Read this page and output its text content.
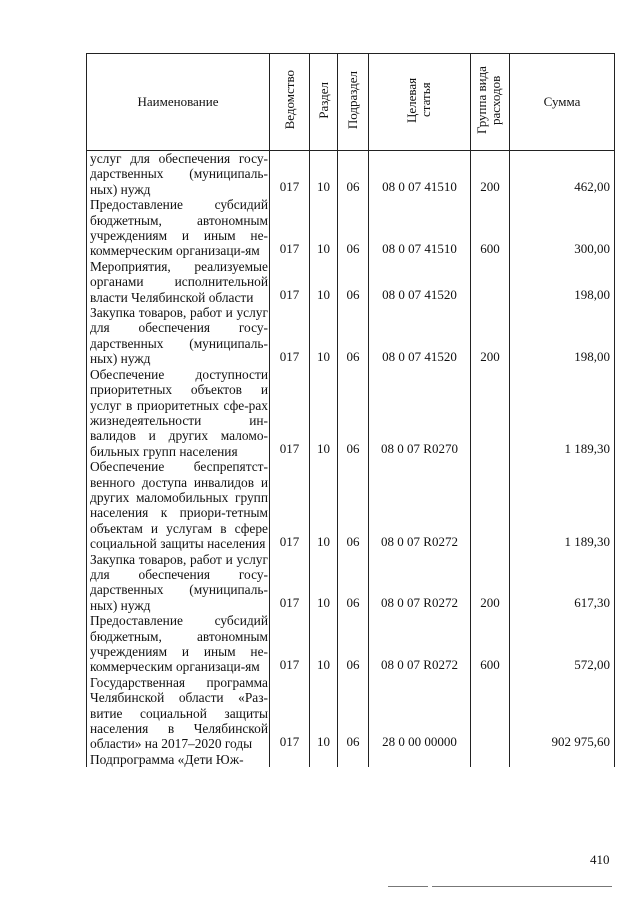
Наименование	Ведомство	Раздел	Подраздел	Целевая статья	Группа вида расходов	Сумма
услуг для обеспечения госу-дарственных (муниципаль-ных) нужд	017	10	06	08 0 07 41510	200	462,00
Предоставление субсидий бюджетным, автономным учреждениям и иным не-коммерческим организаци-ям	017	10	06	08 0 07 41510	600	300,00
Мероприятия, реализуемые органами исполнительной власти Челябинской области	017	10	06	08 0 07 41520		198,00
Закупка товаров, работ и услуг для обеспечения госу-дарственных (муниципаль-ных) нужд	017	10	06	08 0 07 41520	200	198,00
Обеспечение доступности приоритетных объектов и услуг в приоритетных сфе-рах жизнедеятельности ин-валидов и других маломо-бильных групп населения	017	10	06	08 0 07 R0270		1 189,30
Обеспечение беспрепятст-венного доступа инвалидов и других маломобильных групп населения к приори-тетным объектам и услугам в сфере социальной защиты населения	017	10	06	08 0 07 R0272		1 189,30
Закупка товаров, работ и услуг для обеспечения госу-дарственных (муниципаль-ных) нужд	017	10	06	08 0 07 R0272	200	617,30
Предоставление субсидий бюджетным, автономным учреждениям и иным не-коммерческим организаци-ям	017	10	06	08 0 07 R0272	600	572,00
Государственная программа Челябинской области «Раз-витие социальной защиты населения в Челябинской области» на 2017–2020 годы	017	10	06	28 0 00 00000		902 975,60
Подпрограмма «Дети Юж-						
410
